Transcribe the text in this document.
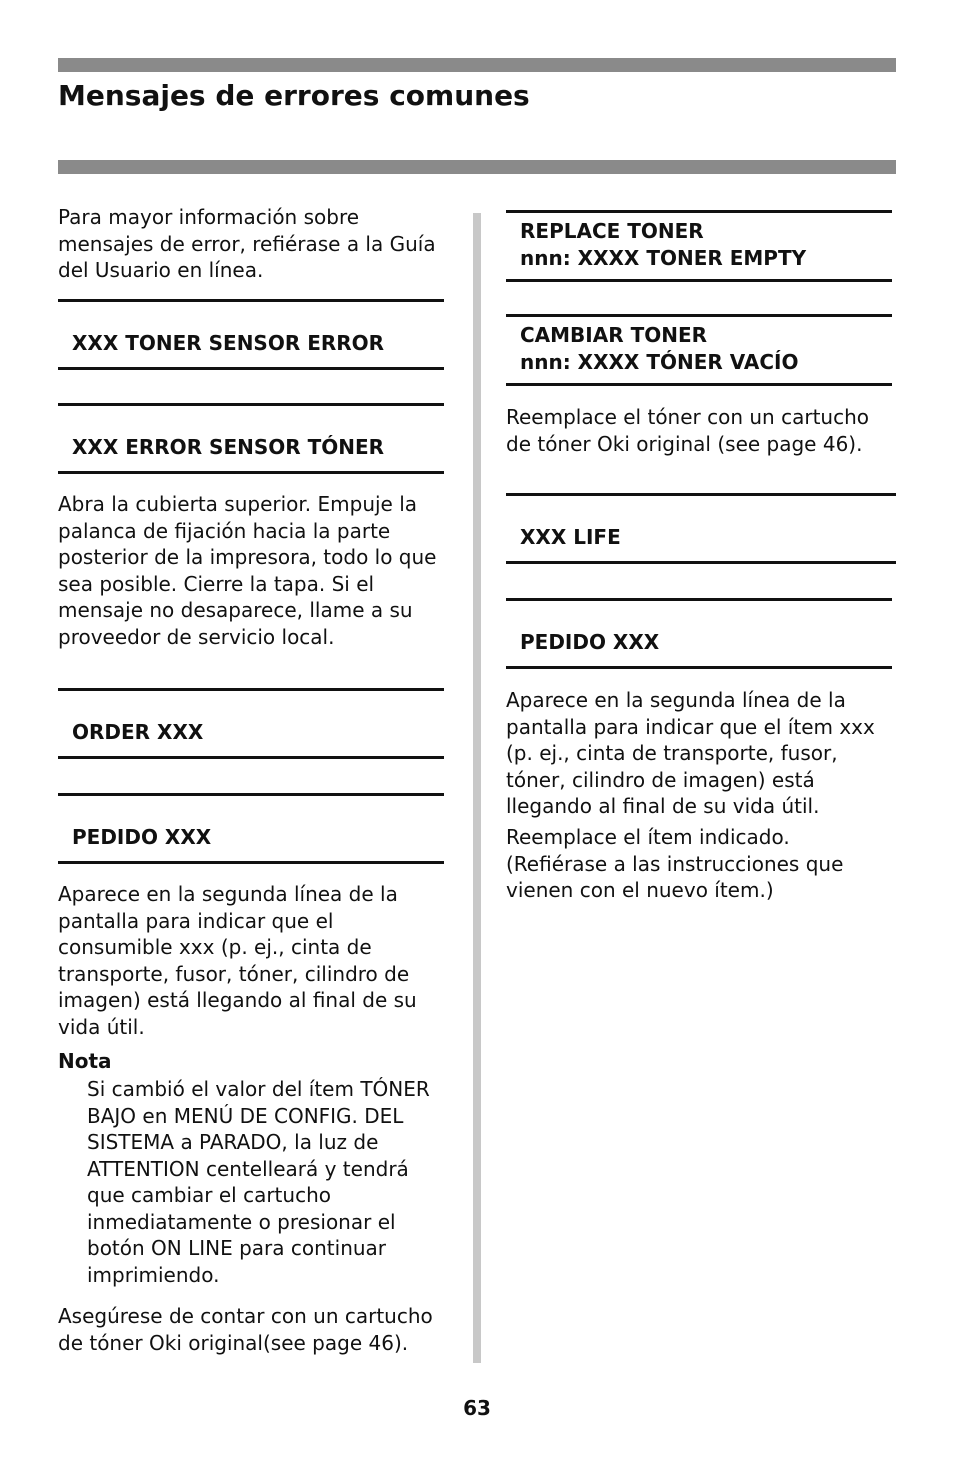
Mensajes de errores comunes

Para mayor información sobre mensajes de error, refiérase a la Guía del Usuario en línea.

XXX TONER SENSOR ERROR
XXX ERROR SENSOR TÓNER

Abra la cubierta superior. Empuje la palanca de fijación hacia la parte posterior de la impresora, todo lo que sea posible. Cierre la tapa. Si el mensaje no desaparece, llame a su proveedor de servicio local.

ORDER XXX
PEDIDO XXX

Aparece en la segunda línea de la pantalla para indicar que el consumible xxx (p. ej., cinta de transporte, fusor, tóner, cilindro de imagen) está llegando al final de su vida útil.

Nota

Si cambió el valor del ítem TÓNER BAJO en MENÚ DE CONFIG. DEL SISTEMA a PARADO, la luz de ATTENTION centelleará y tendrá que cambiar el cartucho inmediatamente o presionar el botón ON LINE para continuar imprimiendo.

Asegúrese de contar con un cartucho de tóner Oki original(see page 46).

REPLACE TONER
nnn: XXXX TONER EMPTY
CAMBIAR TONER
nnn: XXXX TÓNER VACÍO

Reemplace el tóner con un cartucho de tóner Oki original (see page 46).

XXX LIFE
PEDIDO XXX

Aparece en la segunda línea de la pantalla para indicar que el ítem xxx (p. ej., cinta de transporte, fusor, tóner, cilindro de imagen) está llegando al final de su vida útil.

Reemplace el ítem indicado. (Refiérase a las instrucciones que vienen con el nuevo ítem.)

63
